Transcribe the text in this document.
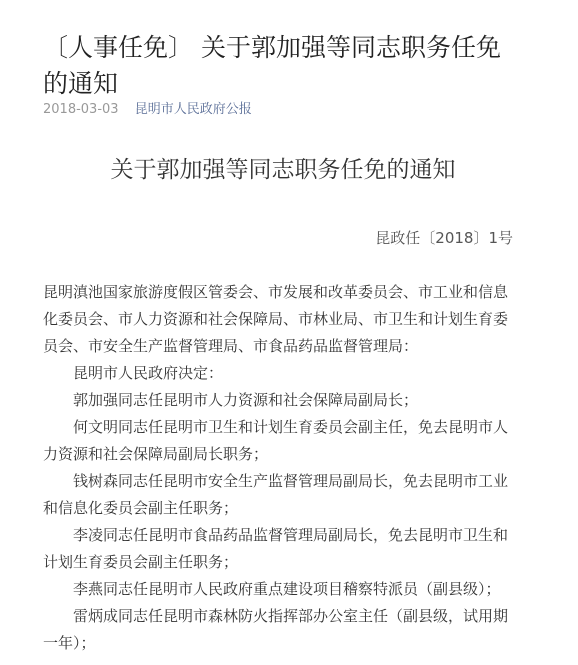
〔人事任免〕 关于郭加强等同志职务任免的通知
2018-03-03 昆明市人民政府公报
关于郭加强等同志职务任免的通知
昆政任〔2018〕1号

昆明滇池国家旅游度假区管委会、市发展和改革委员会、市工业和信息化委员会、市人力资源和社会保障局、市林业局、市卫生和计划生育委员会、市安全生产监督管理局、市食品药品监督管理局：

昆明市人民政府决定：

郭加强同志任昆明市人力资源和社会保障局副局长；

何文明同志任昆明市卫生和计划生育委员会副主任，免去昆明市人力资源和社会保障局副局长职务；

钱树森同志任昆明市安全生产监督管理局副局长，免去昆明市工业和信息化委员会副主任职务；

李凌同志任昆明市食品药品监督管理局副局长，免去昆明市卫生和计划生育委员会副主任职务；

李燕同志任昆明市人民政府重点建设项目稽察特派员（副县级）；

雷炳成同志任昆明市森林防火指挥部办公室主任（副县级，试用期一年）；
